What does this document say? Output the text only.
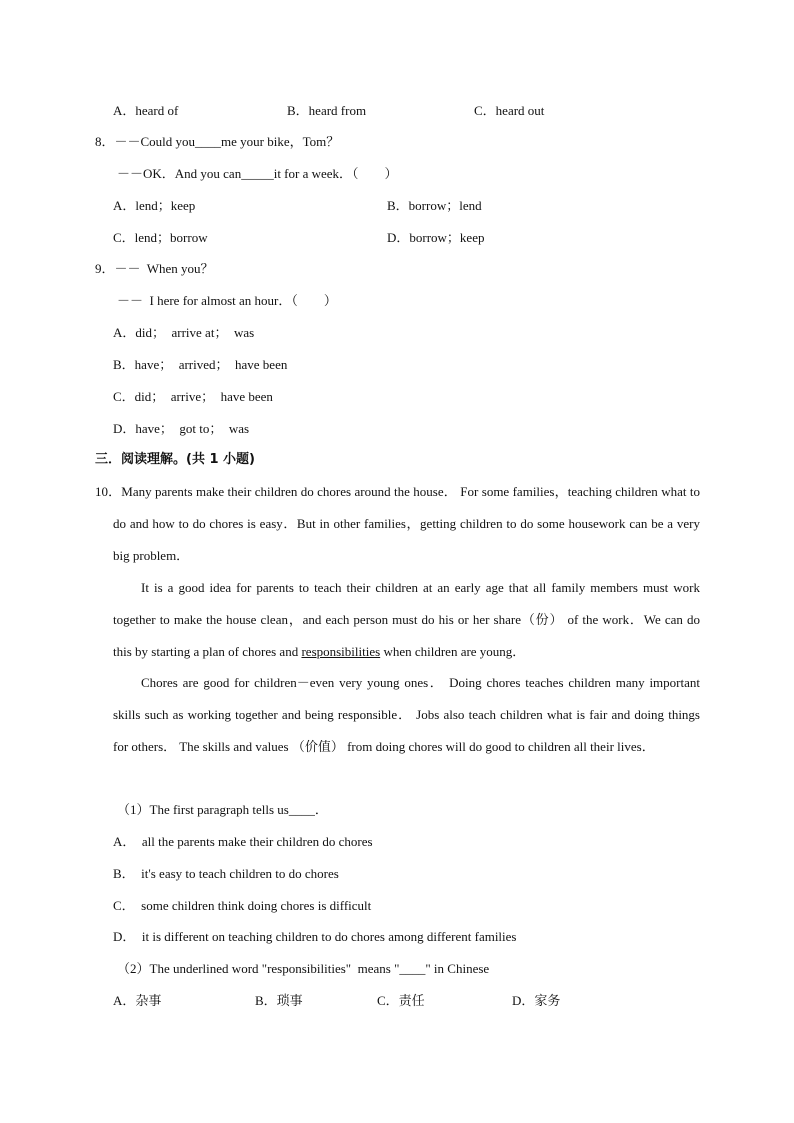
A．heard of	B．heard from	C．heard out
8．－－Could you____me your bike，Tom？
－－OK．And you can_____it for a week．（　　）
A．lend；keep	B．borrow；lend
C．lend；borrow	D．borrow；keep
9．－－  When you？
－－  I here for almost an hour．（　　）
A．did；  arrive at；  was
B．have；  arrived；  have been
C．did；  arrive；  have been
D．have；  got to；  was
三．阅读理解。(共 1 小题)
10．Many parents make their children do chores around the house． For some families，teaching children what to do and how to do chores is easy．But in other families，getting children to do some housework can be a very big problem．
It is a good idea for parents to teach their children at an early age that all family members must work together to make the house clean，and each person must do his or her share（份） of the work．We can do this by starting a plan of chores and responsibilities when children are young．
Chores are good for children－even very young ones． Doing chores teaches children many important skills such as working together and being responsible． Jobs also teach children what is fair and doing things for others． The skills and values （价值） from doing chores will do good to children all their lives．
（1）The first paragraph tells us____．
A．  all the parents make their children do chores
B．  it's easy to teach children to do chores
C．  some children think doing chores is difficult
D．  it is different on teaching children to do chores among different families
（2）The underlined word "responsibilities"  means "____" in Chinese
A．杂事	B．琐事	C．责任	D．家务
